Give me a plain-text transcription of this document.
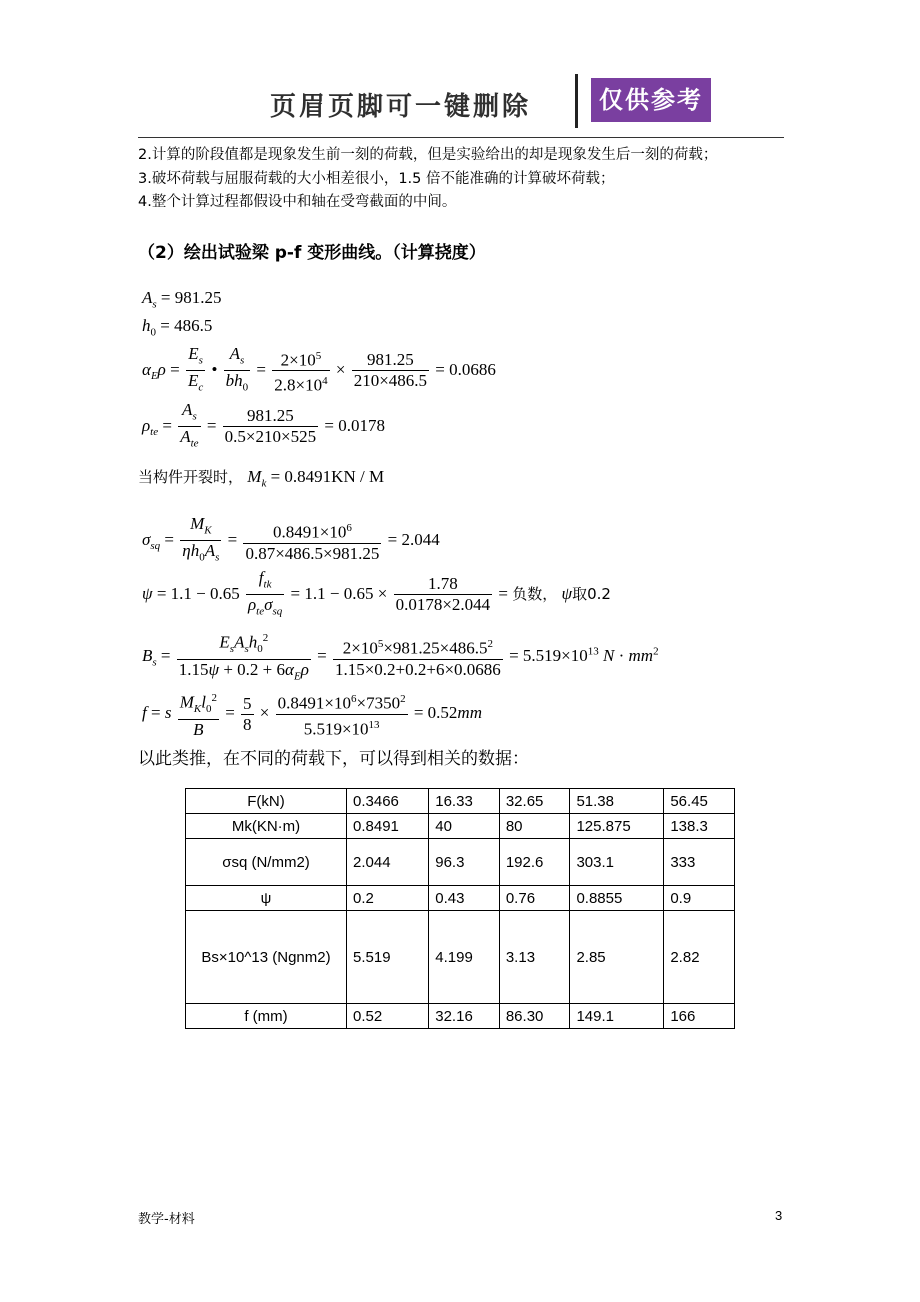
页眉页脚可一键删除	仅供参考
2.计算的阶段值都是现象发生前一刻的荷载，但是实验给出的却是现象发生后一刻的荷载；
3.破坏荷载与屈服荷载的大小相差很小，1.5 倍不能准确的计算破坏荷载；
4.整个计算过程都假设中和轴在受弯截面的中间。
（2）绘出试验梁 p-f 变形曲线。（计算挠度）
$A_s = 981.25$
$h_0 = 486.5$
$\alpha_E\rho = \frac{E_s}{E_c}$ • $\frac{A_s}{bh_0} = \frac{2\times 10^5}{2.8\times 10^4} \times \frac{981.25}{210\times 486.5} = 0.0686$
$\rho_{te} = \frac{A_s}{A_{te}} = \frac{981.25}{0.5\times 210\times 525} = 0.0178$
当构件开裂时， $M_k = 0.8491KN / M$
$\sigma_{sq} = \frac{M_K}{\eta h_0A_s} = \frac{0.8491\times 10^6}{0.87\times 486.5\times 981.25} = 2.044$
$\psi = 1.1 - 0.65 \frac{f_{tk}}{\rho_{te}\sigma_{sq}} = 1.1 - 0.65 \times \frac{1.78}{0.0178\times 2.044}$ = 负数， ψ取0.2
$B_s = \frac{E_sA_sh_0^2}{1.15\psi + 0.2 + 6\alpha_E\rho} = \frac{2\times 10^5\times 981.25\times 486.5^2}{1.15\times 0.2+0.2+6\times 0.0686} = 5.519\times 10^{13}$ $N \cdot mm^2$
f = s $\frac{M_Kl_0^2}{B} = \frac{5}{8} \times \frac{0.8491\times 10^6\times 7350^2}{5.519\times 10^{13}} = 0.52mm$
以此类推，在不同的荷载下，可以得到相关的数据：
F(kN)	0.3466	16.33	32.65	51.38	56.45
Mk(KN·m)	0.8491	40	80	125.875	138.3
σsq (N/mm2)	2.044	96.3	192.6	303.1	333
ψ	0.2	0.43	0.76	0.8855	0.9
Bs×10^13 (Ngnm2)	5.519	4.199	3.13	2.85	2.82
f (mm)	0.52	32.16	86.30	149.1	166
教学-材料	3
